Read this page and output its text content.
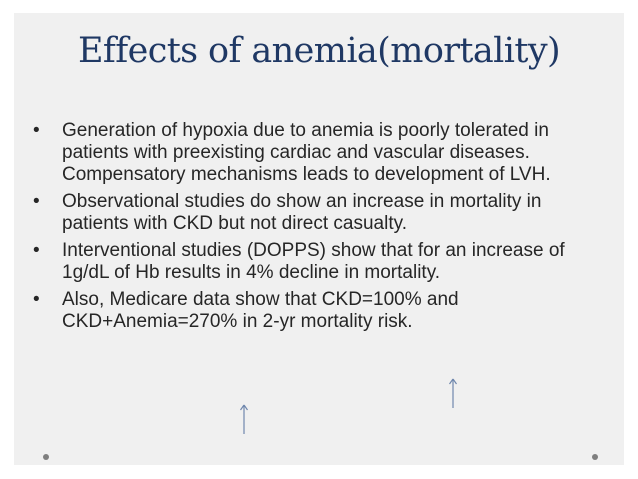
Effects of anemia(mortality)
•	Generation of hypoxia due to anemia is poorly tolerated in patients with preexisting cardiac and vascular diseases. Compensatory mechanisms leads to development of LVH.
•	Observational studies do show an increase in mortality in patients with CKD but not direct casualty.
•	Interventional studies (DOPPS) show that for an increase of 1g/dL of Hb results in 4% decline in mortality.
•	Also, Medicare data show that CKD=100% and CKD+Anemia=270% in 2-yr mortality risk.
